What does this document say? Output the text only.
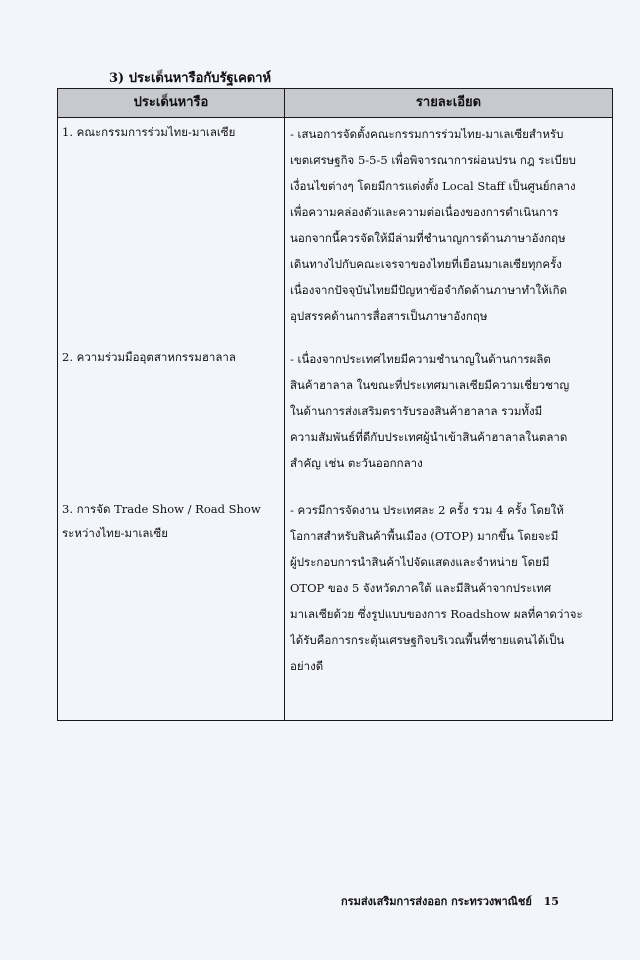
3) ประเด็นหารือกับรัฐเคดาห์
ประเด็นหารือ	รายละเอียด
1. คณะกรรมการร่วมไทย-มาเลเซีย	- เสนอการจัดตั้งคณะกรรมการร่วมไทย-มาเลเซียสำหรับ
เขตเศรษฐกิจ 5-5-5 เพื่อพิจารณาการผ่อนปรน กฎ ระเบียบ
เงื่อนไขต่างๆ โดยมีการแต่งตั้ง Local Staff เป็นศูนย์กลาง
เพื่อความคล่องตัวและความต่อเนื่องของการดำเนินการ
นอกจากนี้ควรจัดให้มีล่ามที่ชำนาญการด้านภาษาอังกฤษ
เดินทางไปกับคณะเจรจาของไทยที่เยือนมาเลเซียทุกครั้ง
เนื่องจากปัจจุบันไทยมีปัญหาข้อจำกัดด้านภาษาทำให้เกิด
อุปสรรคด้านการสื่อสารเป็นภาษาอังกฤษ
2. ความร่วมมืออุตสาหกรรมฮาลาล	- เนื่องจากประเทศไทยมีความชำนาญในด้านการผลิต
สินค้าฮาลาล ในขณะที่ประเทศมาเลเซียมีความเชี่ยวชาญ
ในด้านการส่งเสริมตรารับรองสินค้าฮาลาล รวมทั้งมี
ความสัมพันธ์ที่ดีกับประเทศผู้นำเข้าสินค้าฮาลาลในตลาด
สำคัญ เช่น ตะวันออกกลาง
3. การจัด Trade Show / Road Show
ระหว่างไทย-มาเลเซีย
- ควรมีการจัดงาน ประเทศละ 2 ครั้ง รวม 4 ครั้ง โดยให้
โอกาสสำหรับสินค้าพื้นเมือง (OTOP) มากขึ้น โดยจะมี
ผู้ประกอบการนำสินค้าไปจัดแสดงและจำหน่าย โดยมี
OTOP ของ 5 จังหวัดภาคใต้ และมีสินค้าจากประเทศ
มาเลเซียด้วย ซึ่งรูปแบบของการ Roadshow ผลที่คาดว่าจะ
ได้รับคือการกระตุ้นเศรษฐกิจบริเวณพื้นที่ชายแดนได้เป็น
อย่างดี
กรมส่งเสริมการส่งออก กระทรวงพาณิชย์ 15
